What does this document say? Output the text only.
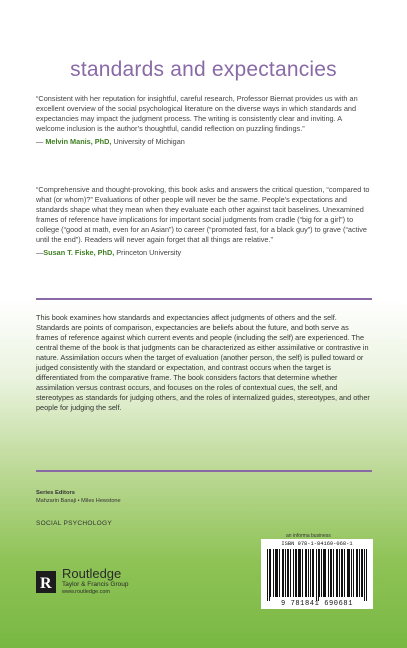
standards and expectancies
“Consistent with her reputation for insightful, careful research, Professor Biernat provides us with an excellent overview of the social psychological literature on the diverse ways in which standards and expectancies may impact the judgment process. The writing is consistently clear and inviting. A welcome inclusion is the author’s thoughtful, candid reflection on puzzling findings.”
— Melvin Manis, PhD, University of Michigan
“Comprehensive and thought-provoking, this book asks and answers the critical question, “compared to what (or whom)?” Evaluations of other people will never be the same. People’s expectations and standards shape what they mean when they evaluate each other against tacit baselines. Unexamined frames of reference have implications for important social judgments from cradle (“big for a girl”) to college (“good at math, even for an Asian”) to career (“promoted fast, for a black guy”) to grave (“active until the end”). Readers will never again forget that all things are relative.”
—Susan T. Fiske, PhD, Princeton University
This book examines how standards and expectancies affect judgments of others and the self. Standards are points of comparison, expectancies are beliefs about the future, and both serve as frames of reference against which current events and people (including the self) are experienced. The central theme of the book is that judgments can be characterized as either assimilative or contrastive in nature. Assimilation occurs when the target of evaluation (another person, the self) is pulled toward or judged consistently with the standard or expectation, and contrast occurs when the target is differentiated from the comparative frame. The book considers factors that determine whether assimilation versus contrast occurs, and focuses on the roles of contextual cues, the self, and stereotypes as standards for judging others, and the roles of internalized guides, stereotypes, and other people for judging the self.
Series Editors
Mahzarin Banaji • Miles Hewstone
SOCIAL PSYCHOLOGY
R
Routledge
Taylor & Francis Group
www.routledge.com
an informa business
ISBN 978-1-84169-068-1
9 781841 690681
